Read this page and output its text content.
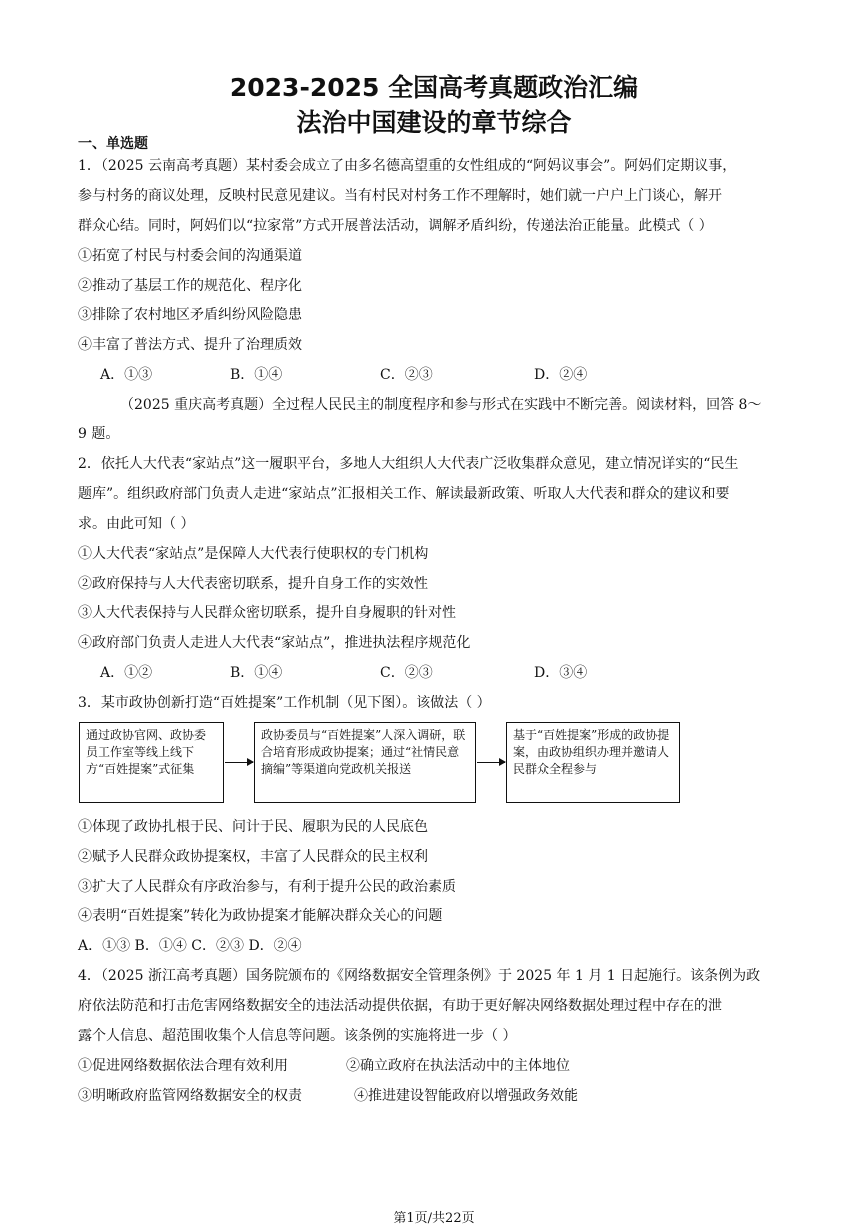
2023-2025 全国高考真题政治汇编
法治中国建设的章节综合
一、单选题
1．（2025 云南高考真题）某村委会成立了由多名德高望重的女性组成的“阿妈议事会”。阿妈们定期议事，
参与村务的商议处理，反映村民意见建议。当有村民对村务工作不理解时，她们就一户户上门谈心，解开
群众心结。同时，阿妈们以“拉家常”方式开展普法活动，调解矛盾纠纷，传递法治正能量。此模式（ ）
①拓宽了村民与村委会间的沟通渠道
②推动了基层工作的规范化、程序化
③排除了农村地区矛盾纠纷风险隐患
④丰富了普法方式、提升了治理质效
A．①③	B．①④	C．②③	D．②④
（2025 重庆高考真题）全过程人民民主的制度程序和参与形式在实践中不断完善。阅读材料，回答 8～
9 题。
2．依托人大代表“家站点”这一履职平台，多地人大组织人大代表广泛收集群众意见，建立情况详实的“民生
题库”。组织政府部门负责人走进“家站点”汇报相关工作、解读最新政策、听取人大代表和群众的建议和要
求。由此可知（ ）
①人大代表“家站点”是保障人大代表行使职权的专门机构
②政府保持与人大代表密切联系，提升自身工作的实效性
③人大代表保持与人民群众密切联系，提升自身履职的针对性
④政府部门负责人走进人大代表“家站点”，推进执法程序规范化
A．①②	B．①④	C．②③	D．③④
3．某市政协创新打造“百姓提案”工作机制（见下图）。该做法（ ）
通过政协官网、政协委员工作室等线上线下方“百姓提案”式征集
政协委员与“百姓提案”人深入调研，联合培育形成政协提案；通过“社情民意摘编”等渠道向党政机关报送
基于“百姓提案”形成的政协提案，由政协组织办理并邀请人民群众全程参与
①体现了政协扎根于民、问计于民、履职为民的人民底色
②赋予人民群众政协提案权，丰富了人民群众的民主权利
③扩大了人民群众有序政治参与，有利于提升公民的政治素质
④表明“百姓提案”转化为政协提案才能解决群众关心的问题
A．①③ B．①④ C．②③ D．②④
4．（2025 浙江高考真题）国务院颁布的《网络数据安全管理条例》于 2025 年 1 月 1 日起施行。该条例为政
府依法防范和打击危害网络数据安全的违法活动提供依据，有助于更好解决网络数据处理过程中存在的泄
露个人信息、超范围收集个人信息等问题。该条例的实施将进一步（ ）
①促进网络数据依法合理有效利用	②确立政府在执法活动中的主体地位
③明晰政府监管网络数据安全的权责	④推进建设智能政府以增强政务效能
第1页/共22页
